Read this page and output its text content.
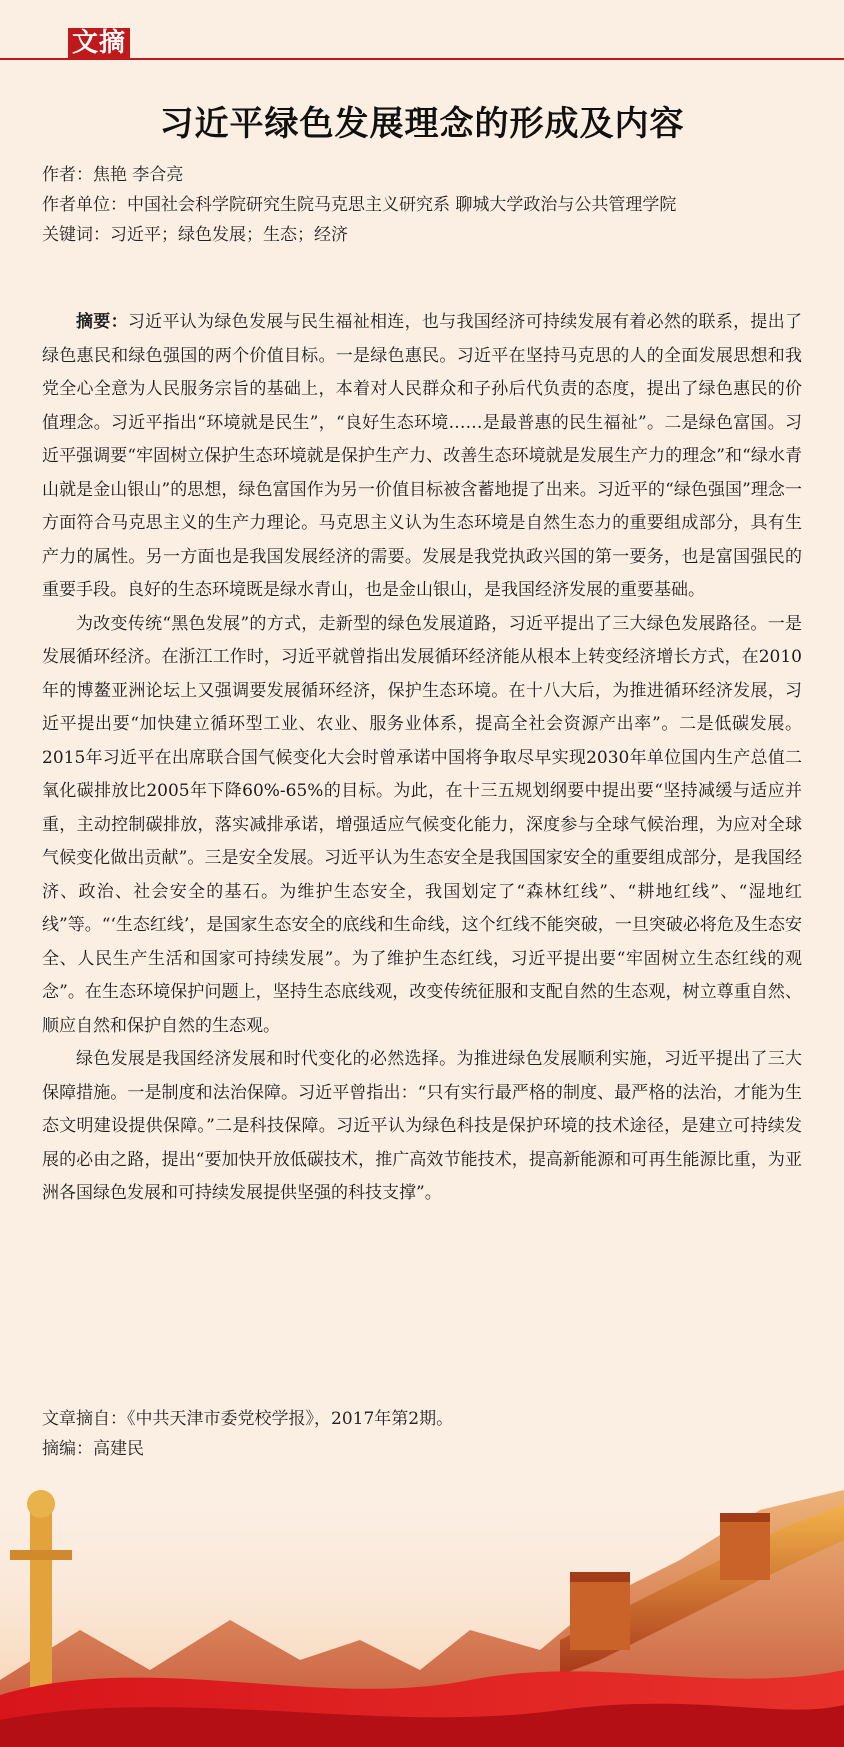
文摘
习近平绿色发展理念的形成及内容
作者：焦艳 李合亮
作者单位：中国社会科学院研究生院马克思主义研究系 聊城大学政治与公共管理学院
关键词：习近平；绿色发展；生态；经济

摘要：习近平认为绿色发展与民生福祉相连，也与我国经济可持续发展有着必然的联系，提出了绿色惠民和绿色强国的两个价值目标。一是绿色惠民。习近平在坚持马克思的人的全面发展思想和我党全心全意为人民服务宗旨的基础上，本着对人民群众和子孙后代负责的态度，提出了绿色惠民的价值理念。习近平指出“环境就是民生”，“良好生态环境……是最普惠的民生福祉”。二是绿色富国。习近平强调要“牢固树立保护生态环境就是保护生产力、改善生态环境就是发展生产力的理念”和“绿水青山就是金山银山”的思想，绿色富国作为另一价值目标被含蓄地提了出来。习近平的“绿色强国”理念一方面符合马克思主义的生产力理论。马克思主义认为生态环境是自然生态力的重要组成部分，具有生产力的属性。另一方面也是我国发展经济的需要。发展是我党执政兴国的第一要务，也是富国强民的重要手段。良好的生态环境既是绿水青山，也是金山银山，是我国经济发展的重要基础。

为改变传统“黑色发展”的方式，走新型的绿色发展道路，习近平提出了三大绿色发展路径。一是发展循环经济。在浙江工作时，习近平就曾指出发展循环经济能从根本上转变经济增长方式，在2010年的博鳌亚洲论坛上又强调要发展循环经济，保护生态环境。在十八大后，为推进循环经济发展，习近平提出要“加快建立循环型工业、农业、服务业体系，提高全社会资源产出率”。二是低碳发展。2015年习近平在出席联合国气候变化大会时曾承诺中国将争取尽早实现2030年单位国内生产总值二氧化碳排放比2005年下降60%-65%的目标。为此，在十三五规划纲要中提出要“坚持减缓与适应并重，主动控制碳排放，落实减排承诺，增强适应气候变化能力，深度参与全球气候治理，为应对全球气候变化做出贡献”。三是安全发展。习近平认为生态安全是我国国家安全的重要组成部分，是我国经济、政治、社会安全的基石。为维护生态安全，我国划定了“森林红线”、“耕地红线”、“湿地红线”等。“‘生态红线’，是国家生态安全的底线和生命线，这个红线不能突破，一旦突破必将危及生态安全、人民生产生活和国家可持续发展”。为了维护生态红线，习近平提出要“牢固树立生态红线的观念”。在生态环境保护问题上，坚持生态底线观，改变传统征服和支配自然的生态观，树立尊重自然、顺应自然和保护自然的生态观。

绿色发展是我国经济发展和时代变化的必然选择。为推进绿色发展顺利实施，习近平提出了三大保障措施。一是制度和法治保障。习近平曾指出：“只有实行最严格的制度、最严格的法治，才能为生态文明建设提供保障。”二是科技保障。习近平认为绿色科技是保护环境的技术途径，是建立可持续发展的必由之路，提出“要加快开放低碳技术，推广高效节能技术，提高新能源和可再生能源比重，为亚洲各国绿色发展和可持续发展提供坚强的科技支撑”。

文章摘自：《中共天津市委党校学报》，2017年第2期。
摘编：高建民
